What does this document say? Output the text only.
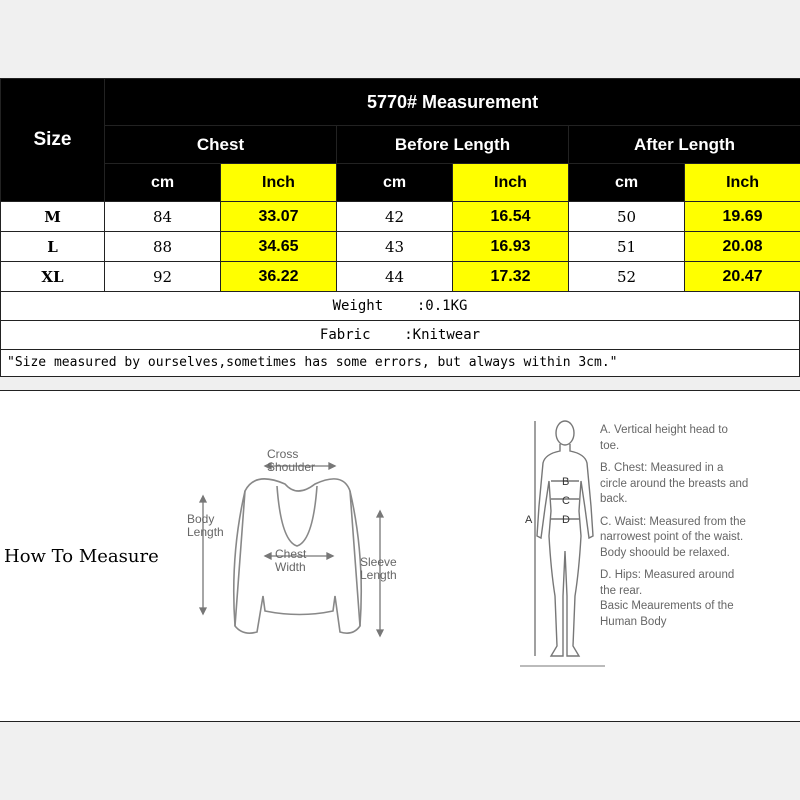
Size	5770# Measurement					
	Chest		Before Length		After Length	
	cm	Inch	cm	Inch	cm	Inch
M	84	33.07	42	16.54	50	19.69
L	88	34.65	43	16.93	51	20.08
XL	92	36.22	44	17.32	52	20.47
Weight    :0.1KG
Fabric    :Knitwear
"Size measured by ourselves,sometimes has some errors, but always within 3cm."
How To Measure
Cross
Shoulder
Body
Length
Chest
Width	Sleeve
Length
A
B
C
D
A. Vertical height head to toe.
B. Chest: Measured in a circle around the breasts and back.
C. Waist: Measured from the narrowest point of the waist. Body shoould be relaxed.
D. Hips: Measured around the rear.
Basic Meaurements of the Human Body
